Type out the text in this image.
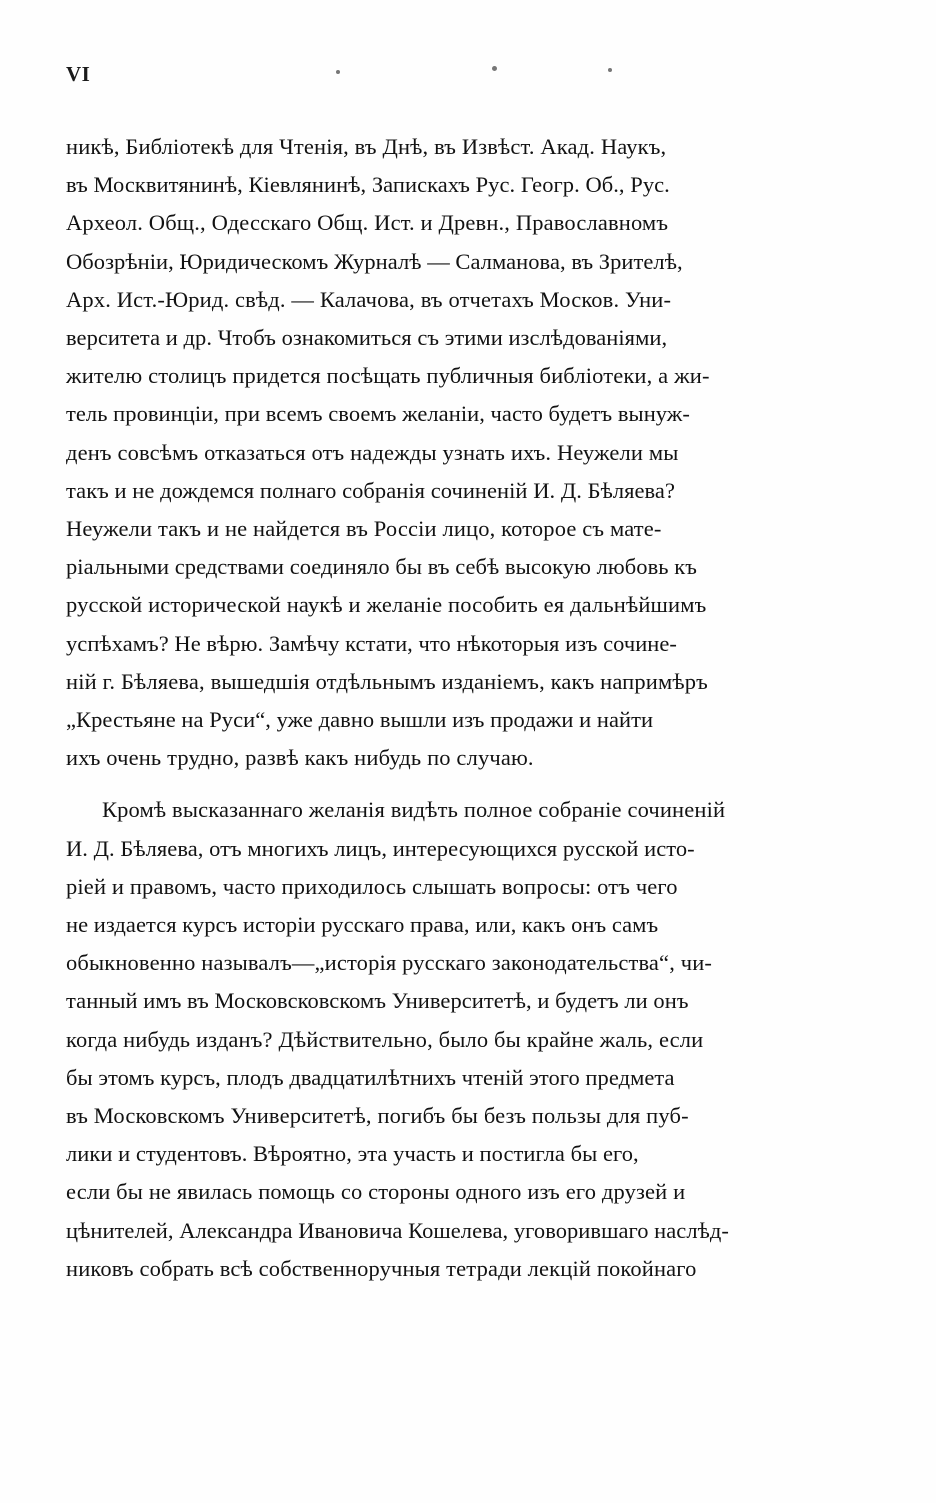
VI

никѣ, Библіотекѣ для Чтенія, въ Днѣ, въ Извѣст. Акад. Наукъ,
въ Москвитянинѣ, Кіевлянинѣ, Запискахъ Рус. Геогр. Об., Рус.
Археол. Общ., Одесскаго Общ. Ист. и Древн., Православномъ
Обозрѣніи, Юридическомъ Журналѣ — Салманова, въ Зрителѣ,
Арх. Ист.-Юрид. свѣд. — Калачова, въ отчетахъ Москов. Уни-
верситета и др. Чтобъ ознакомиться съ этими изслѣдованіями,
жителю столицъ придется посѣщать публичныя библіотеки, а жи-
тель провинціи, при всемъ своемъ желаніи, часто будетъ вынуж-
денъ совсѣмъ отказаться отъ надежды узнать ихъ. Неужели мы
такъ и не дождемся полнаго собранія сочиненій И. Д. Бѣляева?
Неужели такъ и не найдется въ Россіи лицо, которое съ мате-
ріальными средствами соединяло бы въ себѣ высокую любовь къ
русской исторической наукѣ и желаніе пособить ея дальнѣйшимъ
успѣхамъ? Не вѣрю. Замѣчу кстати, что нѣкоторыя изъ сочине-
ній г. Бѣляева, вышедшія отдѣльнымъ изданіемъ, какъ напримѣръ
„Крестьяне на Руси“, уже давно вышли изъ продажи и найти
ихъ очень трудно, развѣ какъ нибудь по случаю.

Кромѣ высказаннаго желанія видѣть полное собраніе сочиненій
И. Д. Бѣляева, отъ многихъ лицъ, интересующихся русской исто-
ріей и правомъ, часто приходилось слышать вопросы: отъ чего
не издается курсъ исторіи русскаго права, или, какъ онъ самъ
обыкновенно называлъ—„исторія русскаго законодательства“, чи-
танный имъ въ Московсковскомъ Университетѣ, и будетъ ли онъ
когда нибудь изданъ? Дѣйствительно, было бы крайне жаль, если
бы этомъ курсъ, плодъ двадцатилѣтнихъ чтеній этого предмета
въ Московскомъ Университетѣ, погибъ бы безъ пользы для пуб-
лики и студентовъ. Вѣроятно, эта участь и постигла бы его,
если бы не явилась помощь со стороны одного изъ его друзей и
цѣнителей, Александра Ивановича Кошелева, уговорившаго наслѣд-
никовъ собрать всѣ собственноручныя тетради лекцій покойнаго
